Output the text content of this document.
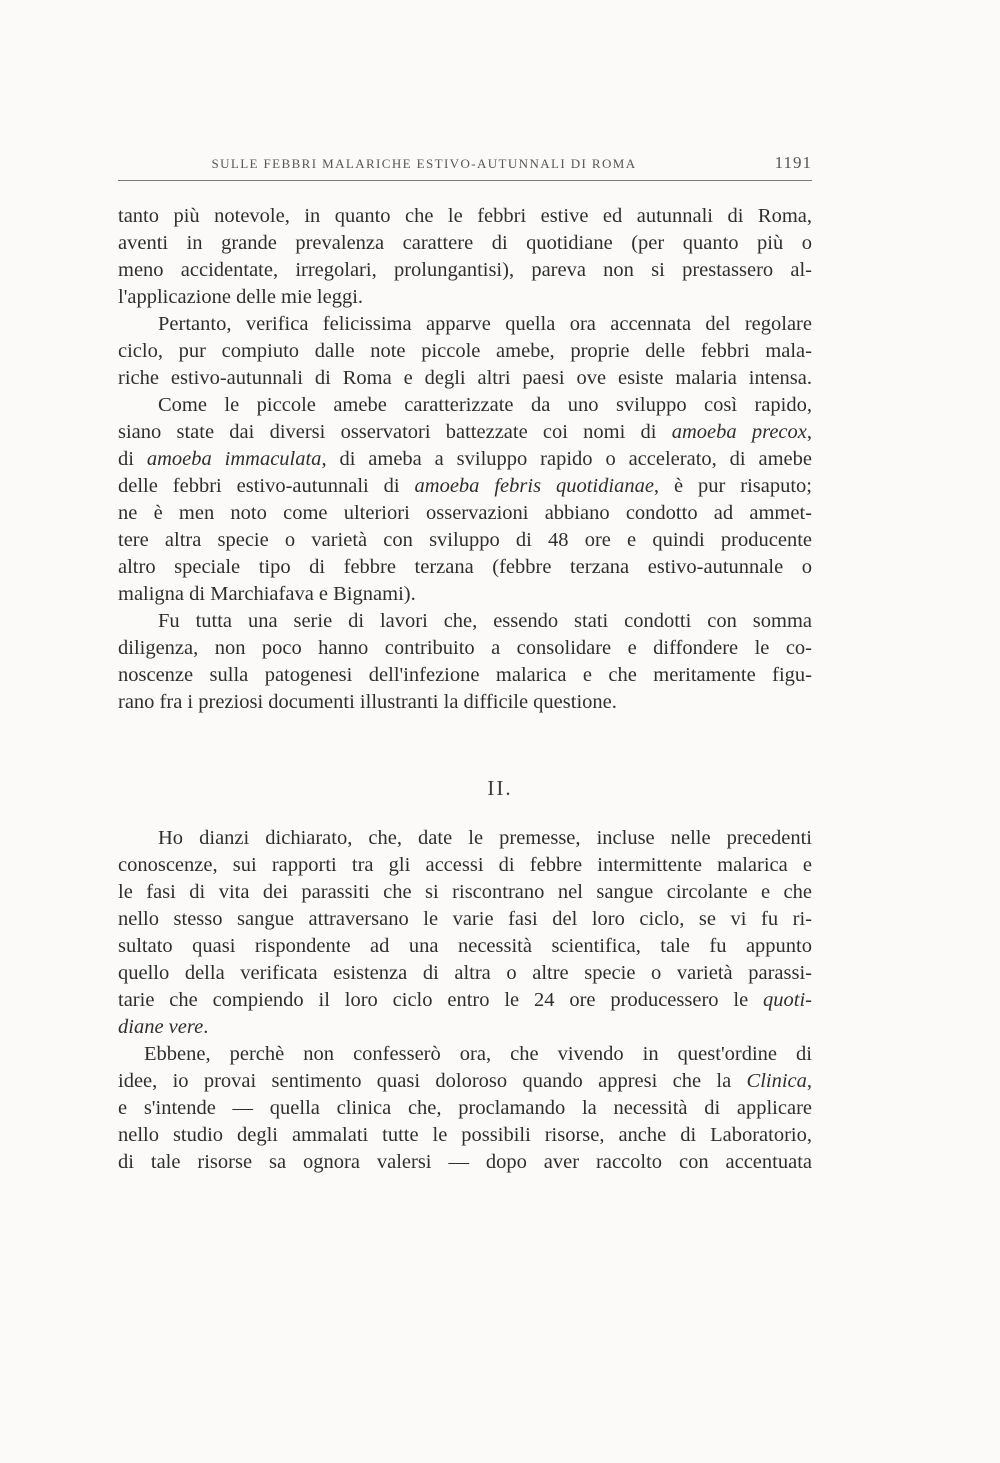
SULLE FEBBRI MALARICHE ESTIVO-AUTUNNALI DI ROMA	1191
tanto più notevole, in quanto che le febbri estive ed autunnali di Roma,
aventi in grande prevalenza carattere di quotidiane (per quanto più o
meno accidentate, irregolari, prolungantisi), pareva non si prestassero al-
l'applicazione delle mie leggi.
Pertanto, verifica felicissima apparve quella ora accennata del regolare
ciclo, pur compiuto dalle note piccole amebe, proprie delle febbri mala-
riche estivo-autunnali di Roma e degli altri paesi ove esiste malaria intensa.
Come le piccole amebe caratterizzate da uno sviluppo così rapido,
siano state dai diversi osservatori battezzate coi nomi di amoeba precox,
di amoeba immaculata, di ameba a sviluppo rapido o accelerato, di amebe
delle febbri estivo-autunnali di amoeba febris quotidianae, è pur risaputo;
ne è men noto come ulteriori osservazioni abbiano condotto ad ammet-
tere altra specie o varietà con sviluppo di 48 ore e quindi producente
altro speciale tipo di febbre terzana (febbre terzana estivo-autunnale o
maligna di Marchiafava e Bignami).
Fu tutta una serie di lavori che, essendo stati condotti con somma
diligenza, non poco hanno contribuito a consolidare e diffondere le co-
noscenze sulla patogenesi dell'infezione malarica e che meritamente figu-
rano fra i preziosi documenti illustranti la difficile questione.
II.
Ho dianzi dichiarato, che, date le premesse, incluse nelle precedenti
conoscenze, sui rapporti tra gli accessi di febbre intermittente malarica e
le fasi di vita dei parassiti che si riscontrano nel sangue circolante e che
nello stesso sangue attraversano le varie fasi del loro ciclo, se vi fu ri-
sultato quasi rispondente ad una necessità scientifica, tale fu appunto
quello della verificata esistenza di altra o altre specie o varietà parassi-
tarie che compiendo il loro ciclo entro le 24 ore producessero le quoti-
diane vere.
Ebbene, perchè non confesserò ora, che vivendo in quest'ordine di
idee, io provai sentimento quasi doloroso quando appresi che la Clinica,
e s'intende — quella clinica che, proclamando la necessità di applicare
nello studio degli ammalati tutte le possibili risorse, anche di Laboratorio,
di tale risorse sa ognora valersi — dopo aver raccolto con accentuata
